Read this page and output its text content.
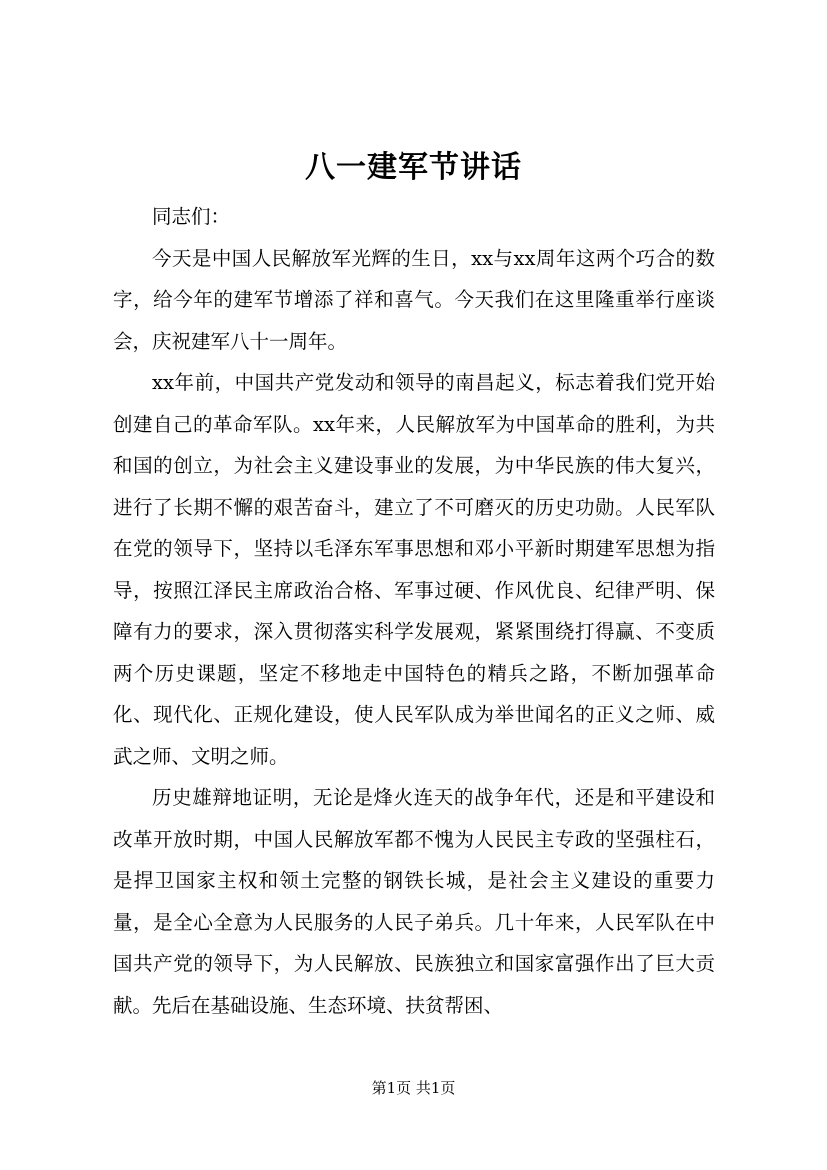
八一建军节讲话

同志们：

今天是中国人民解放军光辉的生日，xx与xx周年这两个巧合的数字，给今年的建军节增添了祥和喜气。今天我们在这里隆重举行座谈会，庆祝建军八十一周年。

xx年前，中国共产党发动和领导的南昌起义，标志着我们党开始创建自己的革命军队。xx年来，人民解放军为中国革命的胜利，为共和国的创立，为社会主义建设事业的发展，为中华民族的伟大复兴，进行了长期不懈的艰苦奋斗，建立了不可磨灭的历史功勋。人民军队在党的领导下，坚持以毛泽东军事思想和邓小平新时期建军思想为指导，按照江泽民主席政治合格、军事过硬、作风优良、纪律严明、保障有力的要求，深入贯彻落实科学发展观，紧紧围绕打得赢、不变质两个历史课题，坚定不移地走中国特色的精兵之路，不断加强革命化、现代化、正规化建设，使人民军队成为举世闻名的正义之师、威武之师、文明之师。

历史雄辩地证明，无论是烽火连天的战争年代，还是和平建设和改革开放时期，中国人民解放军都不愧为人民民主专政的坚强柱石，是捍卫国家主权和领土完整的钢铁长城，是社会主义建设的重要力量，是全心全意为人民服务的人民子弟兵。几十年来，人民军队在中国共产党的领导下，为人民解放、民族独立和国家富强作出了巨大贡献。先后在基础设施、生态环境、扶贫帮困、

第1页 共1页
